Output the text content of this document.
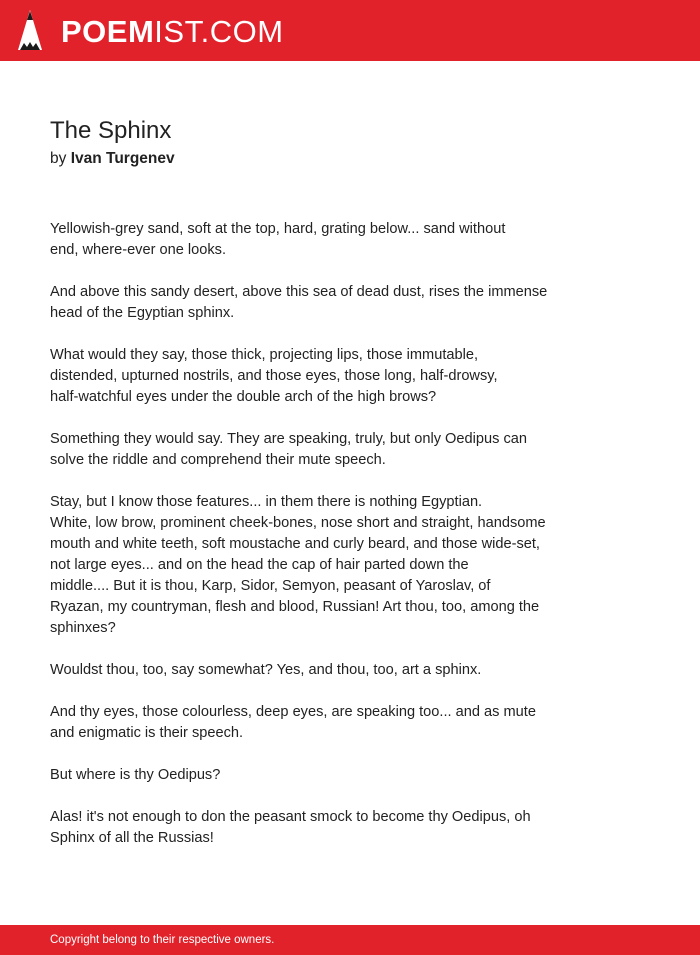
POEMIST.COM
The Sphinx
by Ivan Turgenev

Yellowish-grey sand, soft at the top, hard, grating below... sand without
end, where-ever one looks.

And above this sandy desert, above this sea of dead dust, rises the immense
head of the Egyptian sphinx.

What would they say, those thick, projecting lips, those immutable,
distended, upturned nostrils, and those eyes, those long, half-drowsy,
half-watchful eyes under the double arch of the high brows?

Something they would say. They are speaking, truly, but only Oedipus can
solve the riddle and comprehend their mute speech.

Stay, but I know those features... in them there is nothing Egyptian.
White, low brow, prominent cheek-bones, nose short and straight, handsome
mouth and white teeth, soft moustache and curly beard, and those wide-set,
not large eyes... and on the head the cap of hair parted down the
middle.... But it is thou, Karp, Sidor, Semyon, peasant of Yaroslav, of
Ryazan, my countryman, flesh and blood, Russian! Art thou, too, among the
sphinxes?

Wouldst thou, too, say somewhat? Yes, and thou, too, art a sphinx.

And thy eyes, those colourless, deep eyes, are speaking too... and as mute
and enigmatic is their speech.

But where is thy Oedipus?

Alas! it's not enough to don the peasant smock to become thy Oedipus, oh
Sphinx of all the Russias!

Copyright belong to their respective owners.
